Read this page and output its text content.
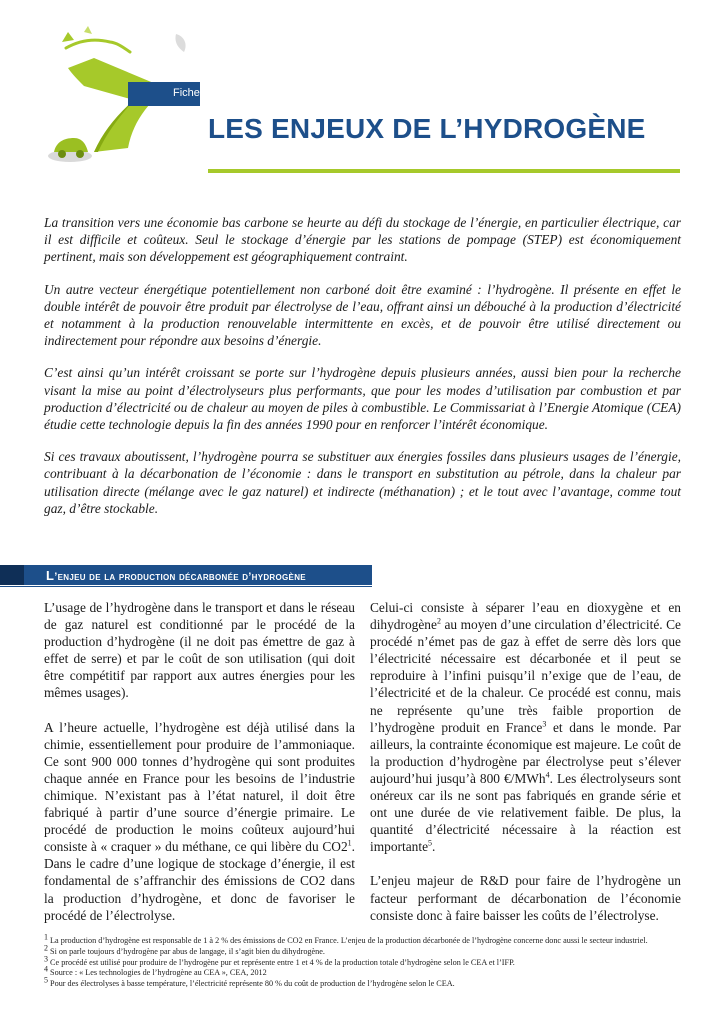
Fiche
LES ENJEUX DE L’HYDROGÈNE

La transition vers une économie bas carbone se heurte au défi du stockage de l’énergie, en particulier électrique, car il est difficile et coûteux. Seul le stockage d’énergie par les stations de pompage (STEP) est économiquement pertinent, mais son développement est géographiquement contraint.

Un autre vecteur énergétique potentiellement non carboné doit être examiné : l’hydrogène. Il présente en effet le double intérêt de pouvoir être produit par électrolyse de l’eau, offrant ainsi un débouché à la production d’électricité et notamment à la production renouvelable intermittente en excès, et de pouvoir être utilisé directement ou indirectement pour répondre aux besoins d’énergie.

C’est ainsi qu’un intérêt croissant se porte sur l’hydrogène depuis plusieurs années, aussi bien pour la recherche visant la mise au point d’électrolyseurs plus performants, que pour les modes d’utilisation par combustion et par production d’électricité ou de chaleur au moyen de piles à combustible. Le Commissariat à l’Energie Atomique (CEA) étudie cette technologie depuis la fin des années 1990 pour en renforcer l’intérêt économique.

Si ces travaux aboutissent, l’hydrogène pourra se substituer aux énergies fossiles dans plusieurs usages de l’énergie, contribuant à la décarbonation de l’économie : dans le transport en substitution au pétrole, dans la chaleur par utilisation directe (mélange avec le gaz naturel) et indirecte (méthanation) ; et le tout avec l’avantage, comme tout gaz, d’être stockable.

L’enjeu de la production décarbonée d’hydrogène

L’usage de l’hydrogène dans le transport et dans le réseau de gaz naturel est conditionné par le procédé de la production d’hydrogène (il ne doit pas émettre de gaz à effet de serre) et par le coût de son utilisation (qui doit être compétitif par rapport aux autres énergies pour les mêmes usages).

A l’heure actuelle, l’hydrogène est déjà utilisé dans la chimie, essentiellement pour produire de l’ammoniaque. Ce sont 900 000 tonnes d’hydrogène qui sont produites chaque année en France pour les besoins de l’industrie chimique. N’existant pas à l’état naturel, il doit être fabriqué à partir d’une source d’énergie primaire. Le procédé de production le moins coûteux aujourd’hui consiste à « craquer » du méthane, ce qui libère du $CO2^1$. Dans le cadre d’une logique de stockage d’énergie, il est fondamental de s’affranchir des émissions de CO2 dans la production d’hydrogène, et donc de favoriser le procédé de l’électrolyse.

Celui-ci consiste à séparer l’eau en dioxygène et en dihydrogène$^2$ au moyen d’une circulation d’électricité. Ce procédé n’émet pas de gaz à effet de serre dès lors que l’électricité nécessaire est décarbonée et il peut se reproduire à l’infini puisqu’il n’exige que de l’eau, de l’électricité et de la chaleur. Ce procédé est connu, mais ne représente qu’une très faible proportion de l’hydrogène produit en France$^3$ et dans le monde. Par ailleurs, la contrainte économique est majeure. Le coût de la production d’hydrogène par électrolyse peut s’élever aujourd’hui jusqu’à 800 €/MWh$^4$. Les électrolyseurs sont onéreux car ils ne sont pas fabriqués en grande série et ont une durée de vie relativement faible. De plus, la quantité d’électricité nécessaire à la réaction est importante$^5$.

L’enjeu majeur de R&D pour faire de l’hydrogène un facteur performant de décarbonation de l’économie consiste donc à faire baisser les coûts de l’électrolyse.

$^1$ La production d’hydrogène est responsable de 1 à 2 % des émissions de CO2 en France. L’enjeu de la production décarbonée de l’hydrogène concerne donc aussi le secteur industriel.

$^2$ Si on parle toujours d’hydrogène par abus de langage, il s’agit bien du dihydrogène.

$^3$ Ce procédé est utilisé pour produire de l’hydrogène pur et représente entre 1 et 4 % de la production totale d’hydrogène selon le CEA et l’IFP.

$^4$ Source : « Les technologies de l’hydrogène au CEA », CEA, 2012

$^5$ Pour des électrolyses à basse température, l’électricité représente 80 % du coût de production de l’hydrogène selon le CEA.
